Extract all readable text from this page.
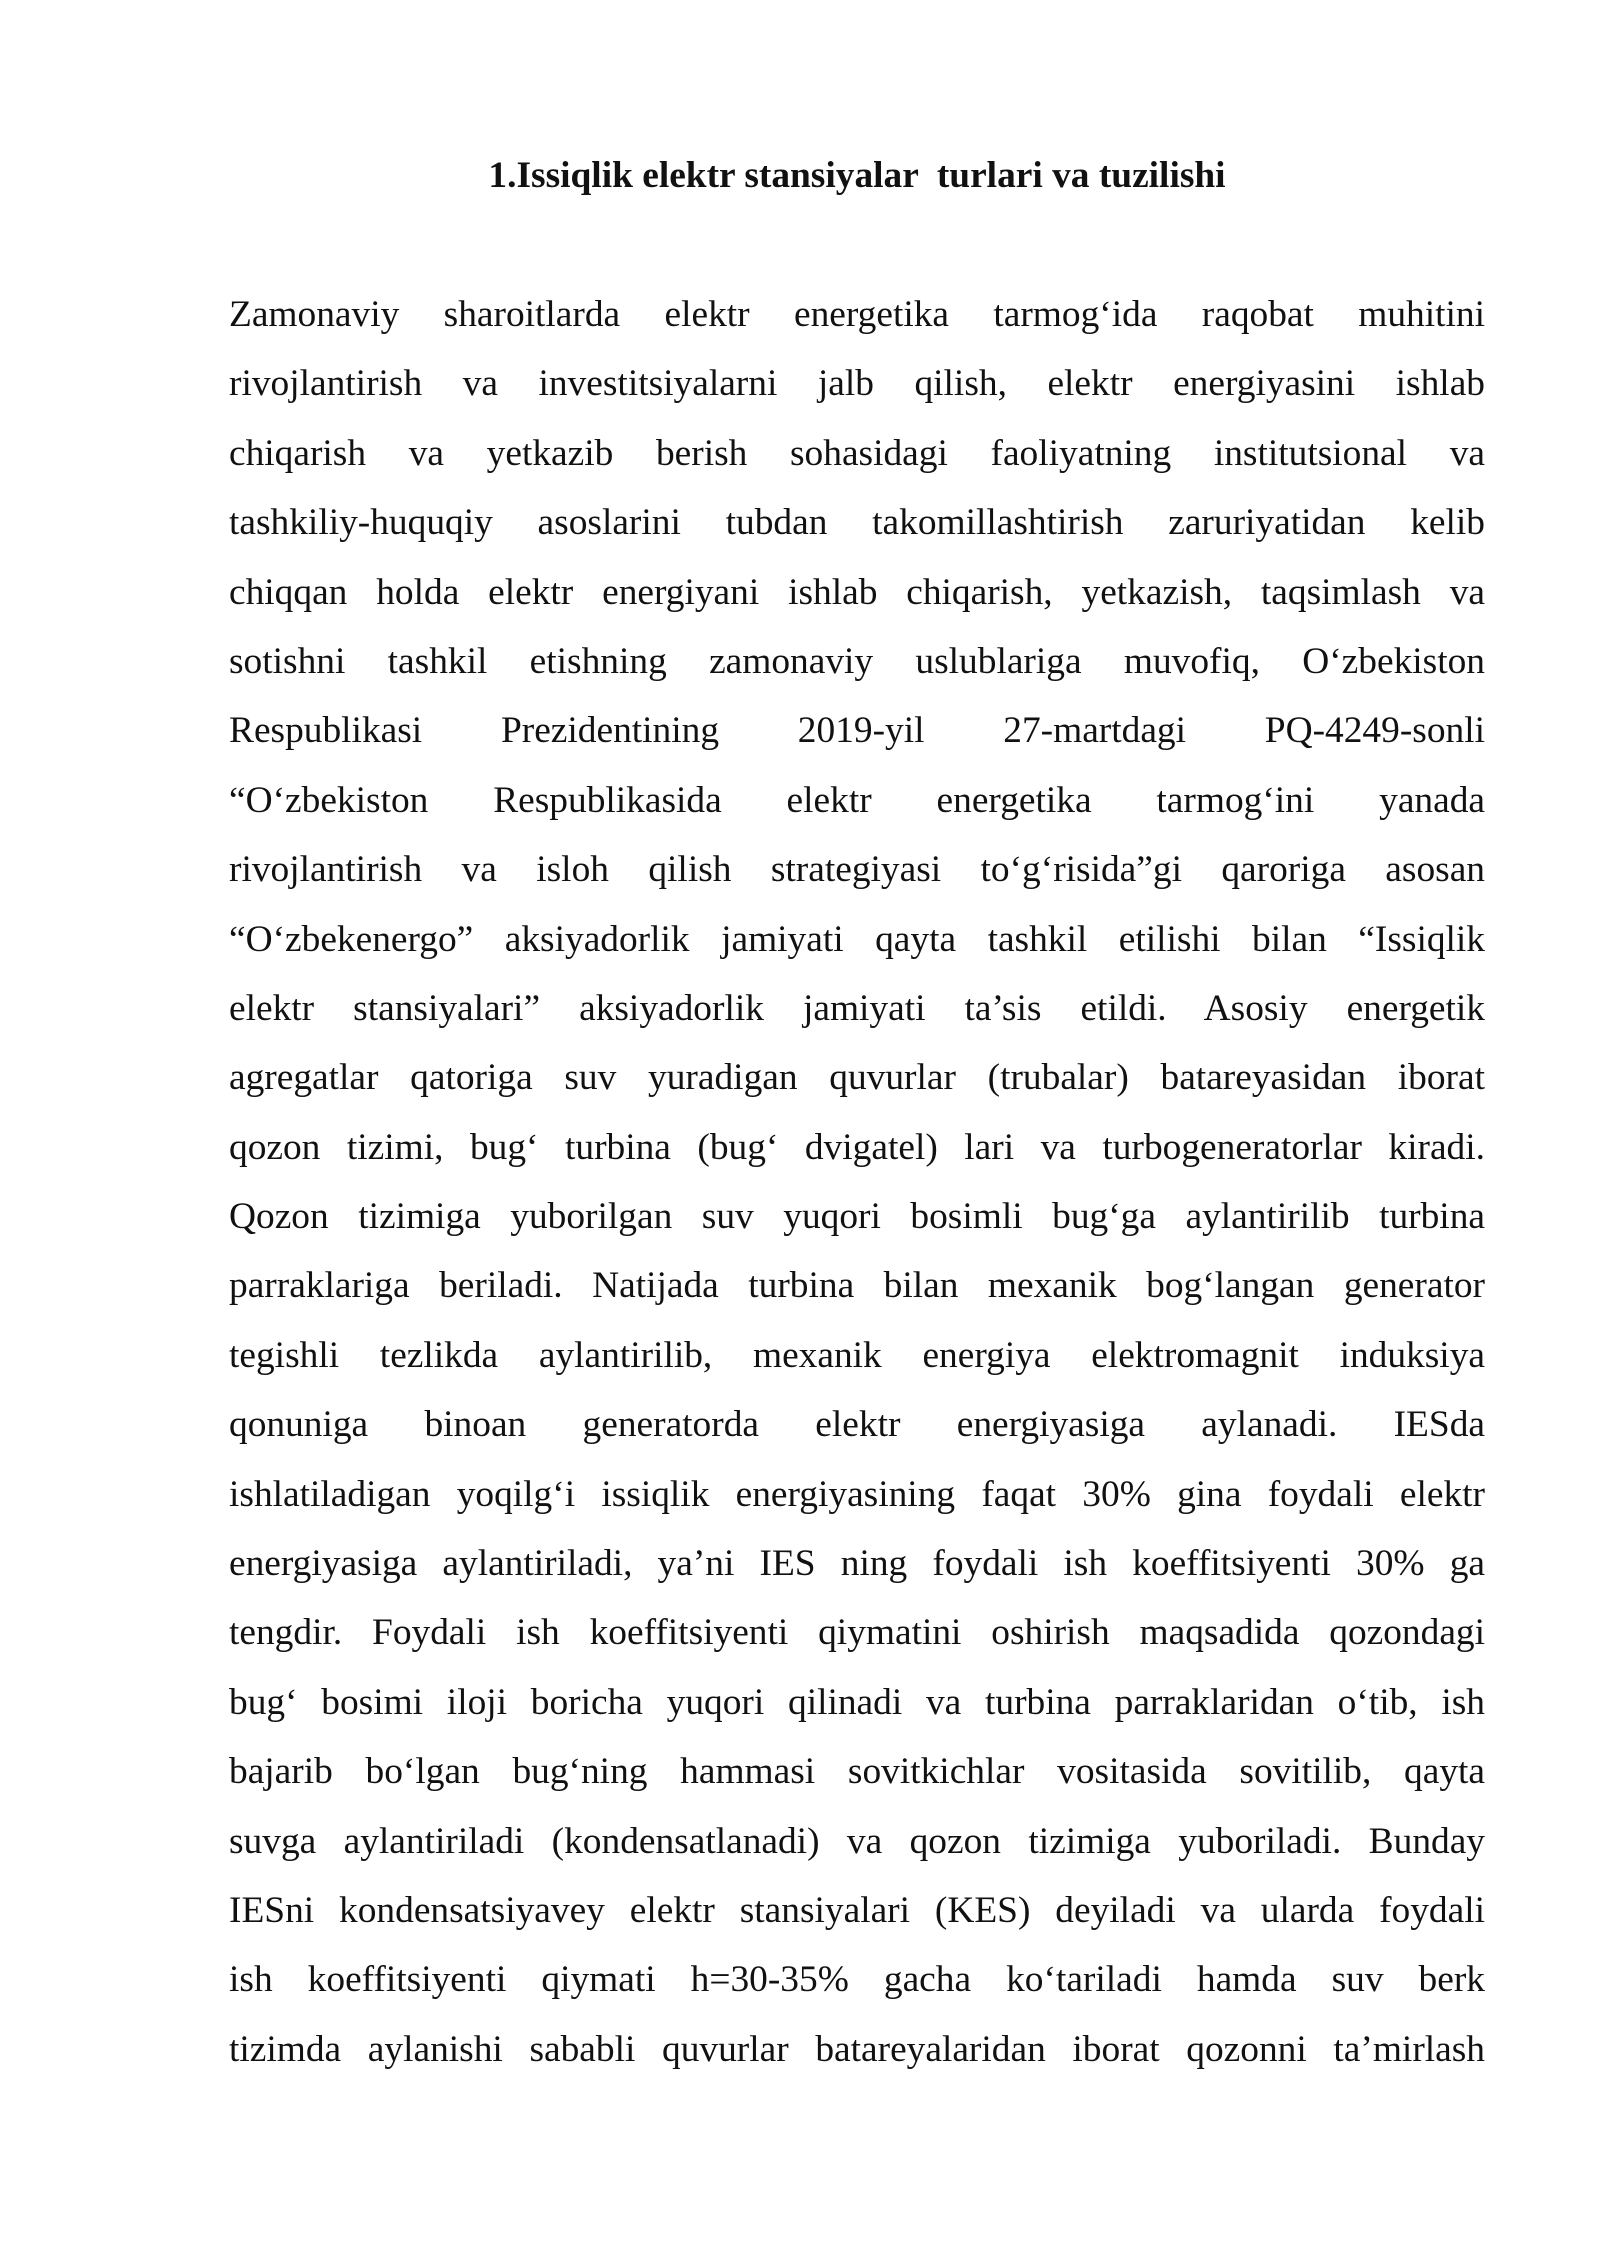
1.Issiqlik elektr stansiyalar  turlari va tuzilishi
Zamonaviy sharoitlarda elektr energetika tarmog‘ida raqobat muhitini
rivojlantirish va investitsiyalarni jalb qilish, elektr energiyasini ishlab
chiqarish va yetkazib berish sohasidagi faoliyatning institutsional va
tashkiliy-huquqiy asoslarini tubdan takomillashtirish zaruriyatidan kelib
chiqqan holda elektr energiyani ishlab chiqarish, yetkazish, taqsimlash va
sotishni tashkil etishning zamonaviy uslublariga muvofiq, O‘zbekiston
Respublikasi Prezidentining 2019-yil 27-martdagi PQ-4249-sonli
“O‘zbekiston Respublikasida elektr energetika tarmog‘ini yanada
rivojlantirish va isloh qilish strategiyasi to‘g‘risida”gi qaroriga asosan
“O‘zbekenergo” aksiyadorlik jamiyati qayta tashkil etilishi bilan “Issiqlik
elektr stansiyalari” aksiyadorlik jamiyati ta’sis etildi. Asosiy energetik
agregatlar qatoriga suv yuradigan quvurlar (trubalar) batareyasidan iborat
qozon tizimi, bug‘ turbina (bug‘ dvigatel) lari va turbogeneratorlar kiradi.
Qozon tizimiga yuborilgan suv yuqori bosimli bug‘ga aylantirilib turbina
parraklariga beriladi. Natijada turbina bilan mexanik bog‘langan generator
tegishli tezlikda aylantirilib, mexanik energiya elektromagnit induksiya
qonuniga binoan generatorda elektr energiyasiga aylanadi. IESda
ishlatiladigan yoqilg‘i issiqlik energiyasining faqat 30% gina foydali elektr
energiyasiga aylantiriladi, ya’ni IES ning foydali ish koeffitsiyenti 30% ga
tengdir. Foydali ish koeffitsiyenti qiymatini oshirish maqsadida qozondagi
bug‘ bosimi iloji boricha yuqori qilinadi va turbina parraklaridan o‘tib, ish
bajarib bo‘lgan bug‘ning hammasi sovitkichlar vositasida sovitilib, qayta
suvga aylantiriladi (kondensatlanadi) va qozon tizimiga yuboriladi. Bunday
IESni kondensatsiyavey elektr stansiyalari (KES) deyiladi va ularda foydali
ish koeffitsiyenti qiymati h=30-35% gacha ko‘tariladi hamda suv berk
tizimda aylanishi sababli quvurlar batareyalaridan iborat qozonni ta’mirlash
